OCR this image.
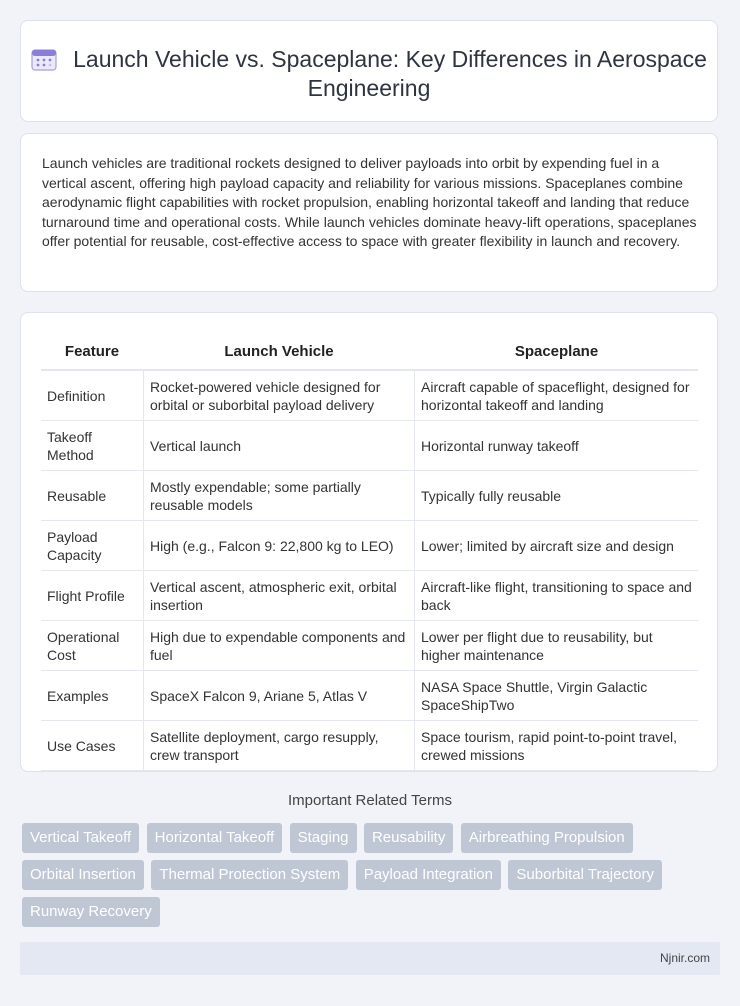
Launch Vehicle vs. Spaceplane: Key Differences in Aerospace Engineering
Launch vehicles are traditional rockets designed to deliver payloads into orbit by expending fuel in a vertical ascent, offering high payload capacity and reliability for various missions. Spaceplanes combine aerodynamic flight capabilities with rocket propulsion, enabling horizontal takeoff and landing that reduce turnaround time and operational costs. While launch vehicles dominate heavy-lift operations, spaceplanes offer potential for reusable, cost-effective access to space with greater flexibility in launch and recovery.
Feature	Launch Vehicle	Spaceplane
Definition	Rocket-powered vehicle designed for orbital or suborbital payload delivery	Aircraft capable of spaceflight, designed for horizontal takeoff and landing
Takeoff Method	Vertical launch	Horizontal runway takeoff
Reusable	Mostly expendable; some partially reusable models	Typically fully reusable
Payload Capacity	High (e.g., Falcon 9: 22,800 kg to LEO)	Lower; limited by aircraft size and design
Flight Profile	Vertical ascent, atmospheric exit, orbital insertion	Aircraft-like flight, transitioning to space and back
Operational Cost	High due to expendable components and fuel	Lower per flight due to reusability, but higher maintenance
Examples	SpaceX Falcon 9, Ariane 5, Atlas V	NASA Space Shuttle, Virgin Galactic SpaceShipTwo
Use Cases	Satellite deployment, cargo resupply, crew transport	Space tourism, rapid point-to-point travel, crewed missions
Important Related Terms
Vertical Takeoff Horizontal Takeoff Staging Reusability Airbreathing Propulsion Orbital Insertion Thermal Protection System Payload Integration Suborbital Trajectory Runway Recovery
Njnir.com
